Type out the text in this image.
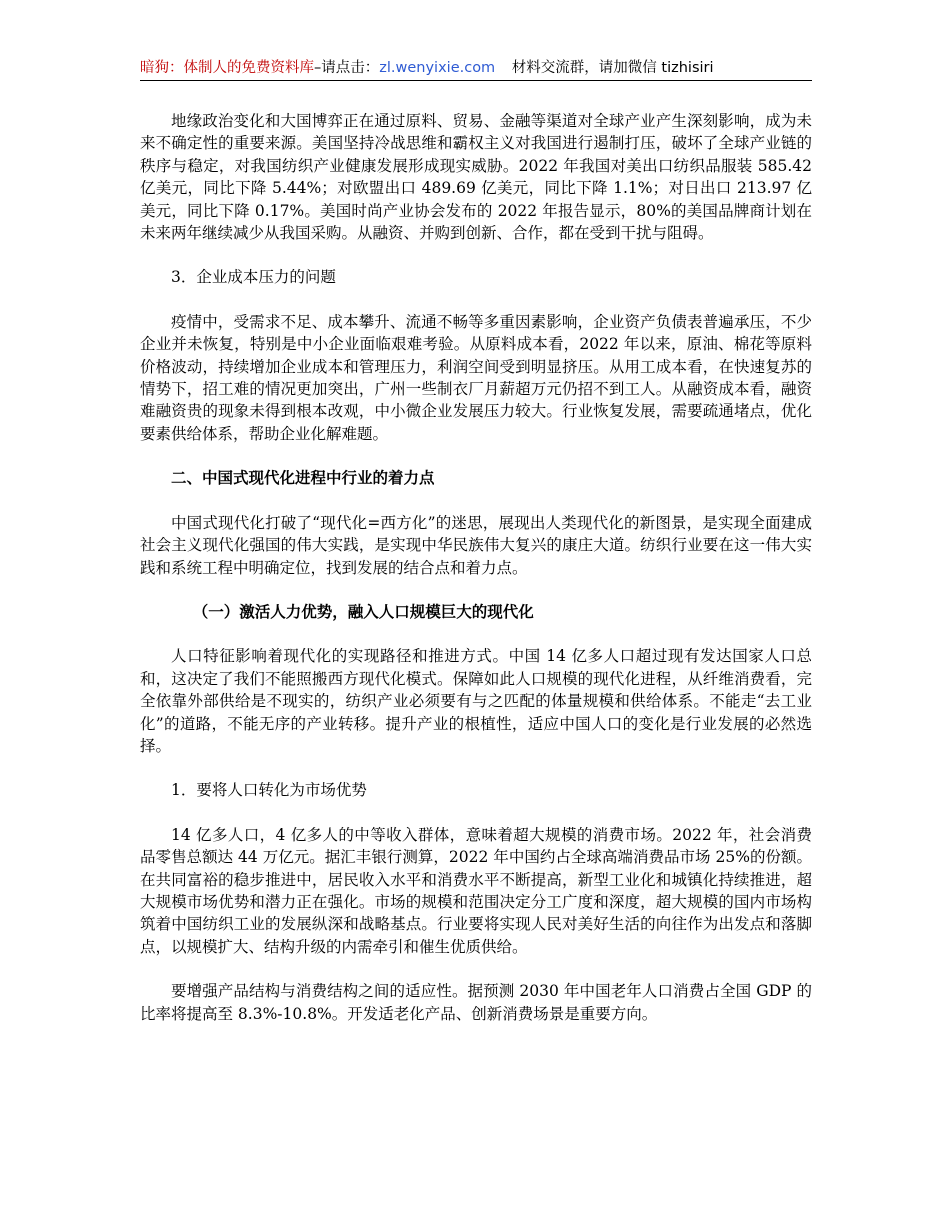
暗狗：体制人的免费资料库–请点击：zl.wenyixie.com 材料交流群，请加微信 tizhisiri

地缘政治变化和大国博弈正在通过原料、贸易、金融等渠道对全球产业产生深刻影响，成为未来不确定性的重要来源。美国坚持冷战思维和霸权主义对我国进行遏制打压，破坏了全球产业链的秩序与稳定，对我国纺织产业健康发展形成现实威胁。2022 年我国对美出口纺织品服装 585.42 亿美元，同比下降 5.44%；对欧盟出口 489.69 亿美元，同比下降 1.1%；对日出口 213.97 亿美元，同比下降 0.17%。美国时尚产业协会发布的 2022 年报告显示，80%的美国品牌商计划在未来两年继续减少从我国采购。从融资、并购到创新、合作，都在受到干扰与阻碍。

3．企业成本压力的问题

疫情中，受需求不足、成本攀升、流通不畅等多重因素影响，企业资产负债表普遍承压，不少企业并未恢复，特别是中小企业面临艰难考验。从原料成本看，2022 年以来，原油、棉花等原料价格波动，持续增加企业成本和管理压力，利润空间受到明显挤压。从用工成本看，在快速复苏的情势下，招工难的情况更加突出，广州一些制衣厂月薪超万元仍招不到工人。从融资成本看，融资难融资贵的现象未得到根本改观，中小微企业发展压力较大。行业恢复发展，需要疏通堵点，优化要素供给体系，帮助企业化解难题。

二、中国式现代化进程中行业的着力点

中国式现代化打破了“现代化=西方化”的迷思，展现出人类现代化的新图景，是实现全面建成社会主义现代化强国的伟大实践，是实现中华民族伟大复兴的康庄大道。纺织行业要在这一伟大实践和系统工程中明确定位，找到发展的结合点和着力点。

（一）激活人力优势，融入人口规模巨大的现代化

人口特征影响着现代化的实现路径和推进方式。中国 14 亿多人口超过现有发达国家人口总和，这决定了我们不能照搬西方现代化模式。保障如此人口规模的现代化进程，从纤维消费看，完全依靠外部供给是不现实的，纺织产业必须要有与之匹配的体量规模和供给体系。不能走“去工业化”的道路，不能无序的产业转移。提升产业的根植性，适应中国人口的变化是行业发展的必然选择。

1．要将人口转化为市场优势

14 亿多人口，4 亿多人的中等收入群体，意味着超大规模的消费市场。2022 年，社会消费品零售总额达 44 万亿元。据汇丰银行测算，2022 年中国约占全球高端消费品市场 25%的份额。在共同富裕的稳步推进中，居民收入水平和消费水平不断提高，新型工业化和城镇化持续推进，超大规模市场优势和潜力正在强化。市场的规模和范围决定分工广度和深度，超大规模的国内市场构筑着中国纺织工业的发展纵深和战略基点。行业要将实现人民对美好生活的向往作为出发点和落脚点，以规模扩大、结构升级的内需牵引和催生优质供给。

要增强产品结构与消费结构之间的适应性。据预测 2030 年中国老年人口消费占全国 GDP 的比率将提高至 8.3%-10.8%。开发适老化产品、创新消费场景是重要方向。
